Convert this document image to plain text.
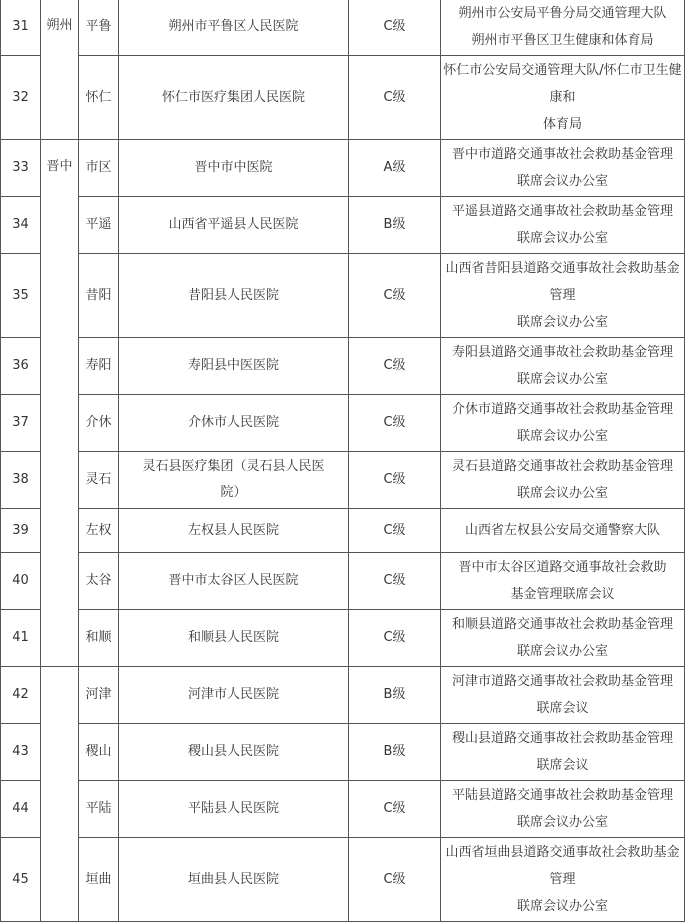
31	朔州	平鲁	朔州市平鲁区人民医院	C级	朔州市公安局平鲁分局交通管理大队
朔州市平鲁区卫生健康和体育局
32		怀仁	怀仁市医疗集团人民医院	C级	怀仁市公安局交通管理大队/怀仁市卫生健康和
体育局
33	晋中	市区	晋中市中医院	A级	晋中市道路交通事故社会救助基金管理
联席会议办公室
34		平遥	山西省平遥县人民医院	B级	平遥县道路交通事故社会救助基金管理
联席会议办公室
35		昔阳	昔阳县人民医院	C级	山西省昔阳县道路交通事故社会救助基金管理
联席会议办公室
36		寿阳	寿阳县中医医院	C级	寿阳县道路交通事故社会救助基金管理
联席会议办公室
37		介休	介休市人民医院	C级	介休市道路交通事故社会救助基金管理
联席会议办公室
38		灵石	灵石县医疗集团（灵石县人民医
院）	C级	灵石县道路交通事故社会救助基金管理
联席会议办公室
39		左权	左权县人民医院	C级	山西省左权县公安局交通警察大队
40		太谷	晋中市太谷区人民医院	C级	晋中市太谷区道路交通事故社会救助
基金管理联席会议
41		和顺	和顺县人民医院	C级	和顺县道路交通事故社会救助基金管理
联席会议办公室
42		河津	河津市人民医院	B级	河津市道路交通事故社会救助基金管理
联席会议
43		稷山	稷山县人民医院	B级	稷山县道路交通事故社会救助基金管理
联席会议
44		平陆	平陆县人民医院	C级	平陆县道路交通事故社会救助基金管理
联席会议办公室
45		垣曲	垣曲县人民医院	C级	山西省垣曲县道路交通事故社会救助基金管理
联席会议办公室
